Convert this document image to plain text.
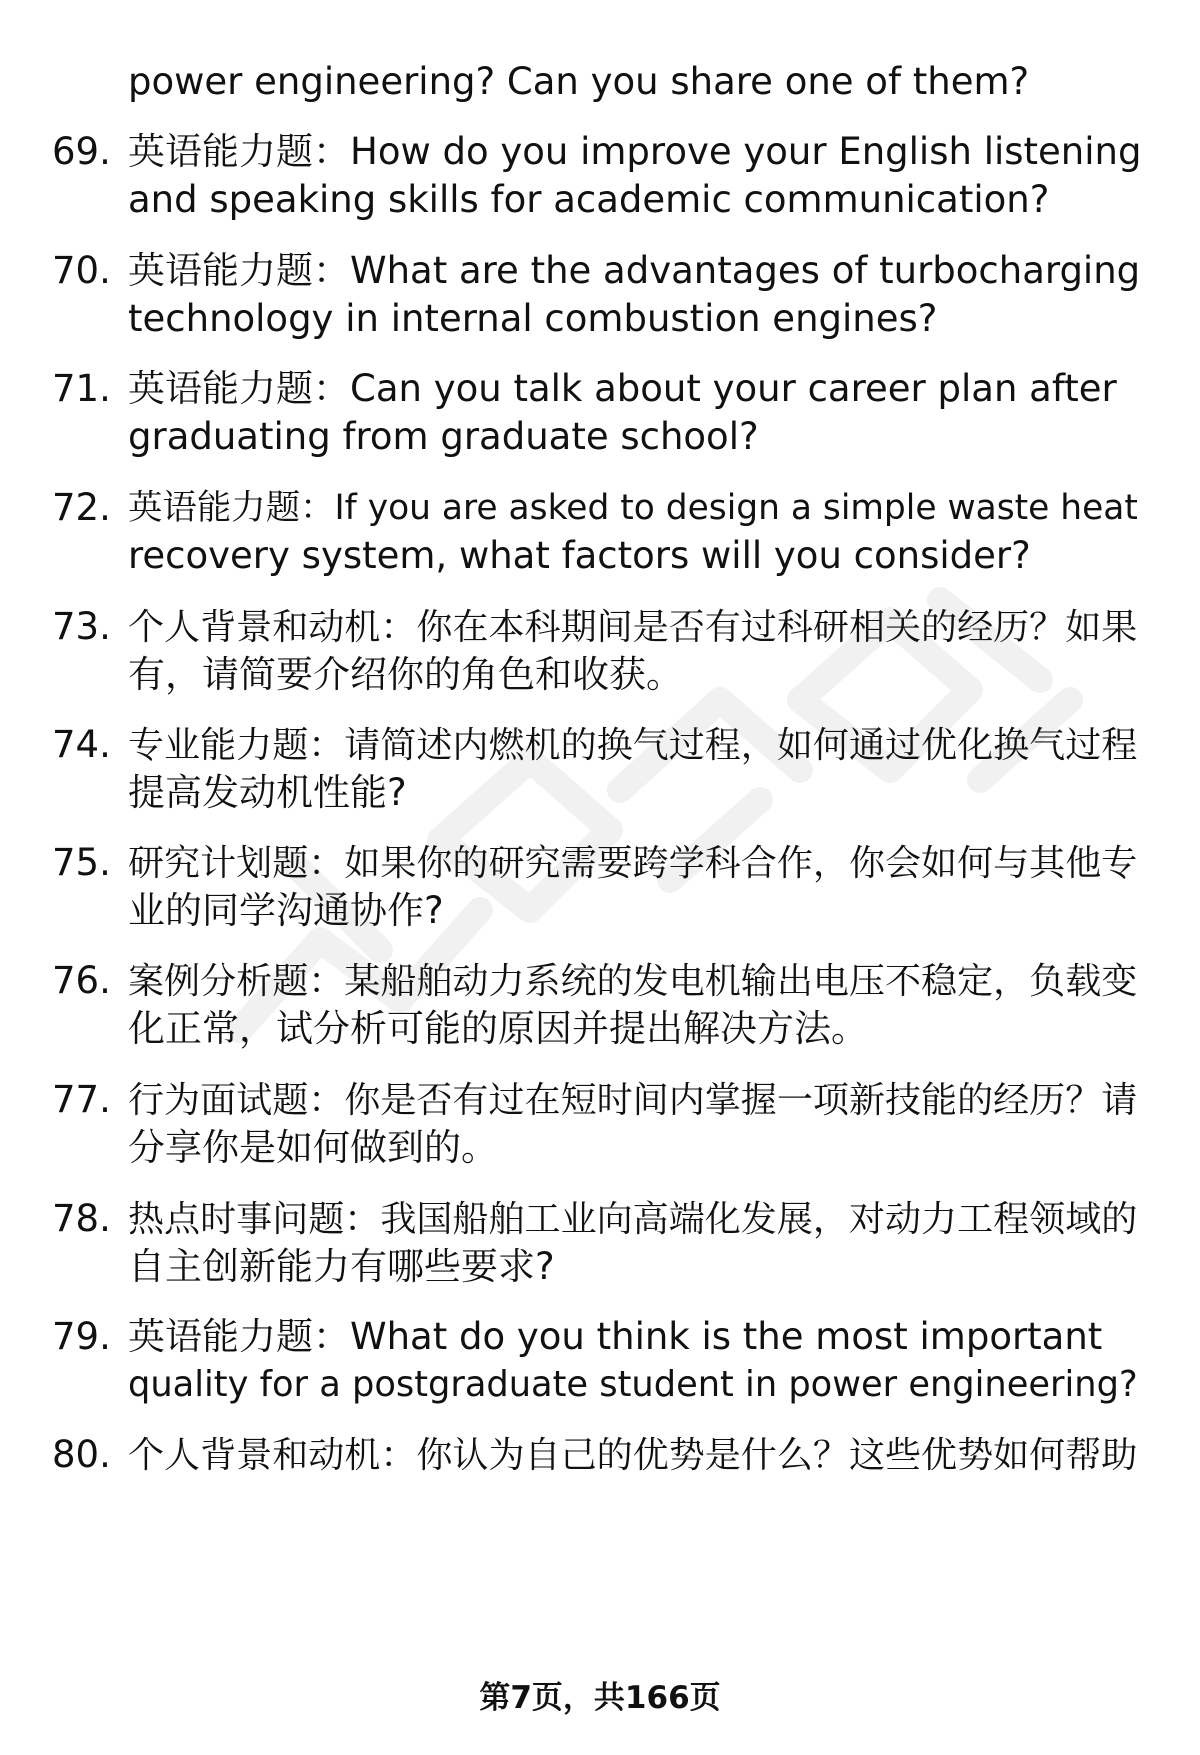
power engineering? Can you share one of them?
69. 英语能力题：How do you improve your English listening
and speaking skills for academic communication?
70. 英语能力题：What are the advantages of turbocharging
technology in internal combustion engines?
71. 英语能力题：Can you talk about your career plan after
graduating from graduate school?
72. 英语能力题：If you are asked to design a simple waste heat
recovery system, what factors will you consider?
73. 个人背景和动机：你在本科期间是否有过科研相关的经历？如果
有，请简要介绍你的角色和收获。
74. 专业能力题：请简述内燃机的换气过程，如何通过优化换气过程
提高发动机性能?
75. 研究计划题：如果你的研究需要跨学科合作，你会如何与其他专
业的同学沟通协作?
76. 案例分析题：某船舶动力系统的发电机输出电压不稳定，负载变
化正常，试分析可能的原因并提出解决方法。
77. 行为面试题：你是否有过在短时间内掌握一项新技能的经历？请
分享你是如何做到的。
78. 热点时事问题：我国船舶工业向高端化发展，对动力工程领域的
自主创新能力有哪些要求?
79. 英语能力题：What do you think is the most important
quality for a postgraduate student in power engineering?
80. 个人背景和动机：你认为自己的优势是什么？这些优势如何帮助
第7页，共166页
